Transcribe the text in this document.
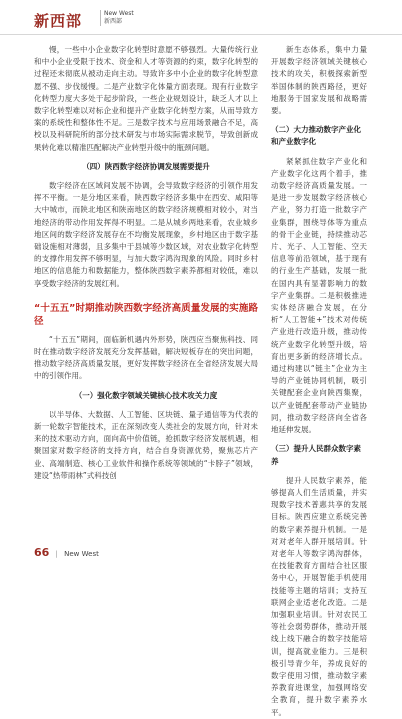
新西部	New West
新西部

慢，一些中小企业数字化转型时意愿不够强烈。大量传统行业和中小企业受限于技术、资金和人才等资源的约束，数字化转型的过程还未彻底从被动走向主动。导致许多中小企业的数字化转型意愿不强、步伐缓慢。二是产业数字化体量方面表现。现有行业数字化转型力度大多处于起步阶段，一些企业规划设计，缺乏人才以上数字化转型难以对标企业和提升产业数字化转型方案，从而导致方案的系统性和整体性不足。三是数字技术与应用场景融合不足，高校以及科研院所的部分技术研发与市场实际需求脱节，导致创新成果转化难以精准匹配解决产业转型升级中的瓶颈问题。

（四）陕西数字经济协调发展需要提升

数字经济在区域间发展不协调，会导致数字经济的引领作用发挥不平衡。一是分地区来看，陕西数字经济多集中在西安、咸阳等大中城市，而陕北地区和陕南地区的数字经济规模相对较小，对当地经济的带动作用发挥得不明显。二是从城乡两地来看，农业城乡地区间的数字经济发展存在不均衡发展现象，乡村地区由于数字基础设施相对薄弱，且多集中于县城等少数区域，对农业数字化转型的支撑作用发挥不够明显，与加大数字鸿沟现象的风险。同时乡村地区的信息能力和数据能力，整体陕西数字素养都相对较低，难以享受数字经济的发展红利。

“十五五”时期推动陕西数字经济高质量发展的实施路径

“十五五”期间，面临新机遇内外形势，陕西应当聚焦科技、同时在推动数字经济发展充分发挥基础，解决短板存在的突出问题，推动数字经济高质量发展，更好发挥数字经济在全省经济发展大局中的引领作用。

（一）强化数字领域关键核心技术攻关力度

以半导体、大数据、人工智能、区块链、量子通信等为代表的新一轮数字智能技术，正在深刻改变人类社会的发展方向，针对未来的技术驱动方向，面向高中价值链，抢抓数字经济发展机遇，相聚国家对数字经济的支持方向，结合自身资源优势，聚焦芯片产业、高端制造、核心工业软件和操作系统等领域的“卡脖子”领域，建设“热带雨林”式科技创

新生态体系，集中力量开展数字经济领域关键核心技术的攻关，积极探索新型举国体制的陕西路径，更好地服务于国家发展和战略需要。

（二）大力推动数字产业化和产业数字化

紧紧抓住数字产业化和产业数字化这两个着手，推动数字经济高质量发展。一是进一步发展数字经济核心产业，努力打造一批数字产业集群，围绕导体等为重点的骨干企业链，持续推动芯片、光子、人工智能、空天信息等前沿领域，基于现有的行业生产基础，发展一批在国内具有显著影响力的数字产业集群。二是积极推进实体经济融合发展，在分析“人工智能+”技术对传统产业进行改造升级，推动传统产业数字化转型升级，培育出更多新的经济增长点。通过构建以“链主”企业为主导的产业链协同机制，吸引关键配套企业向陕西集聚，以产业链配套带动产业链协同，推动数字经济向全省各地延伸发展。

（三）提升人民群众数字素养

提升人民数字素养，能够提高人们生活质量，并实现数字技术普惠共享的发展目标。陕西应建立系统完善的数字素养提升机制。一是对对老年人群开展培训。针对老年人等数字鸿沟群体，在技能教育方面结合社区服务中心，开展智能手机使用技能等主题的培训；支持互联网企业适老化改造。二是加强职业培训。针对农民工等社会弱势群体，推动开展线上线下融合的数字技能培训，提高就业能力。三是积极引导青少年，养成良好的数字使用习惯，推动数字素养教育进课堂，加强网络安全教育，提升数字素养水平。

66 | New West
